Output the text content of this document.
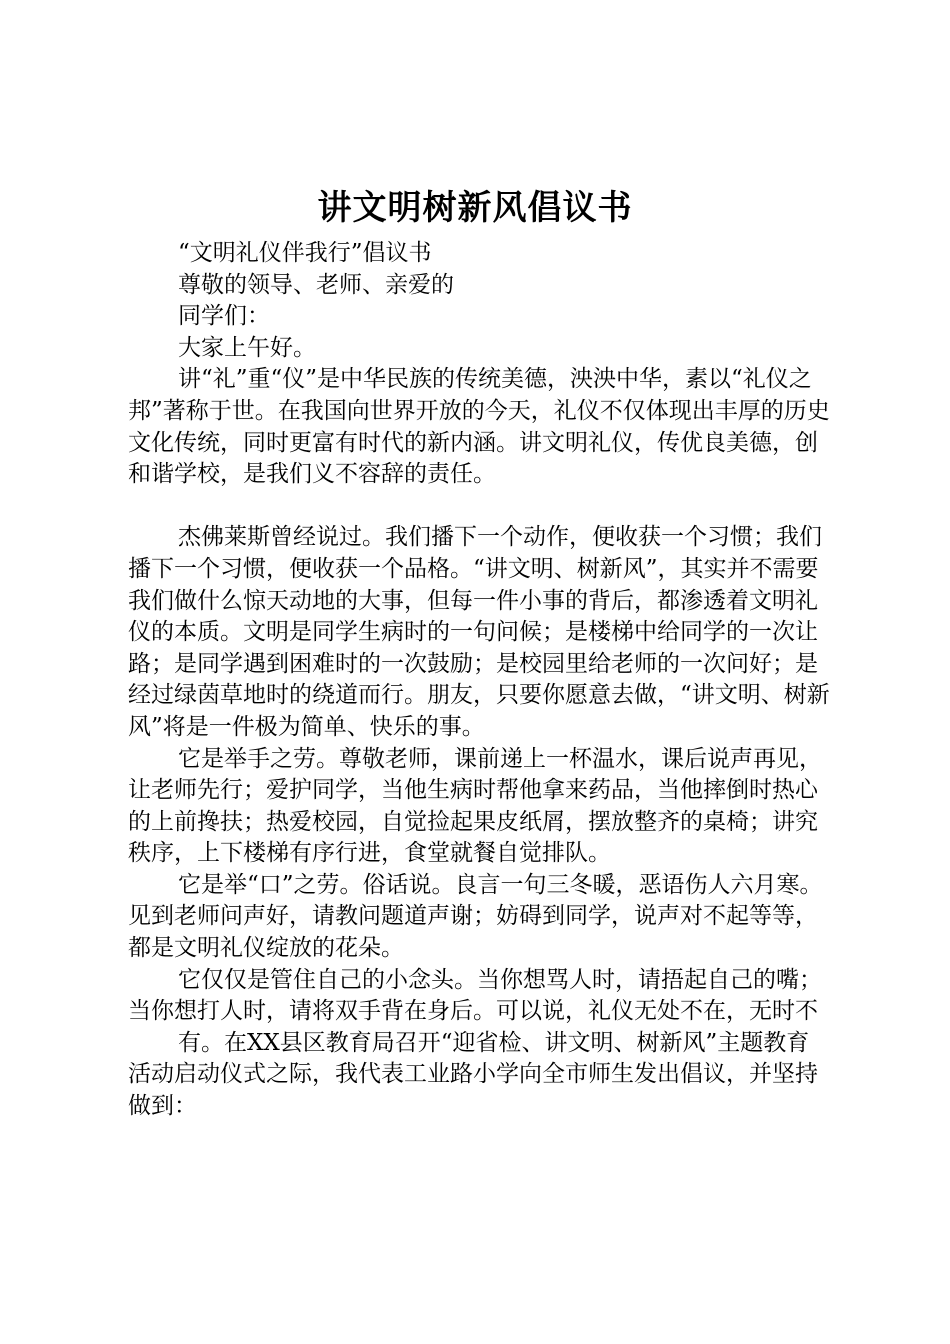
讲文明树新风倡议书

“文明礼仪伴我行”倡议书

尊敬的领导、老师、亲爱的

同学们：

大家上午好。

讲“礼”重“仪”是中华民族的传统美德，泱泱中华，素以“礼仪之邦”著称于世。在我国向世界开放的今天，礼仪不仅体现出丰厚的历史文化传统，同时更富有时代的新内涵。讲文明礼仪，传优良美德，创和谐学校，是我们义不容辞的责任。

杰佛莱斯曾经说过。我们播下一个动作，便收获一个习惯；我们播下一个习惯，便收获一个品格。“讲文明、树新风”，其实并不需要我们做什么惊天动地的大事，但每一件小事的背后，都渗透着文明礼仪的本质。文明是同学生病时的一句问候；是楼梯中给同学的一次让路；是同学遇到困难时的一次鼓励；是校园里给老师的一次问好；是经过绿茵草地时的绕道而行。朋友，只要你愿意去做，“讲文明、树新风”将是一件极为简单、快乐的事。

它是举手之劳。尊敬老师，课前递上一杯温水，课后说声再见，让老师先行；爱护同学，当他生病时帮他拿来药品，当他摔倒时热心的上前搀扶；热爱校园，自觉捡起果皮纸屑，摆放整齐的桌椅；讲究秩序，上下楼梯有序行进，食堂就餐自觉排队。

它是举“口”之劳。俗话说。良言一句三冬暖，恶语伤人六月寒。见到老师问声好，请教问题道声谢；妨碍到同学，说声对不起等等，都是文明礼仪绽放的花朵。

它仅仅是管住自己的小念头。当你想骂人时，请捂起自己的嘴；当你想打人时，请将双手背在身后。可以说，礼仪无处不在，无时不

有。在XX县区教育局召开“迎省检、讲文明、树新风”主题教育活动启动仪式之际，我代表工业路小学向全市师生发出倡议，并坚持做到：
